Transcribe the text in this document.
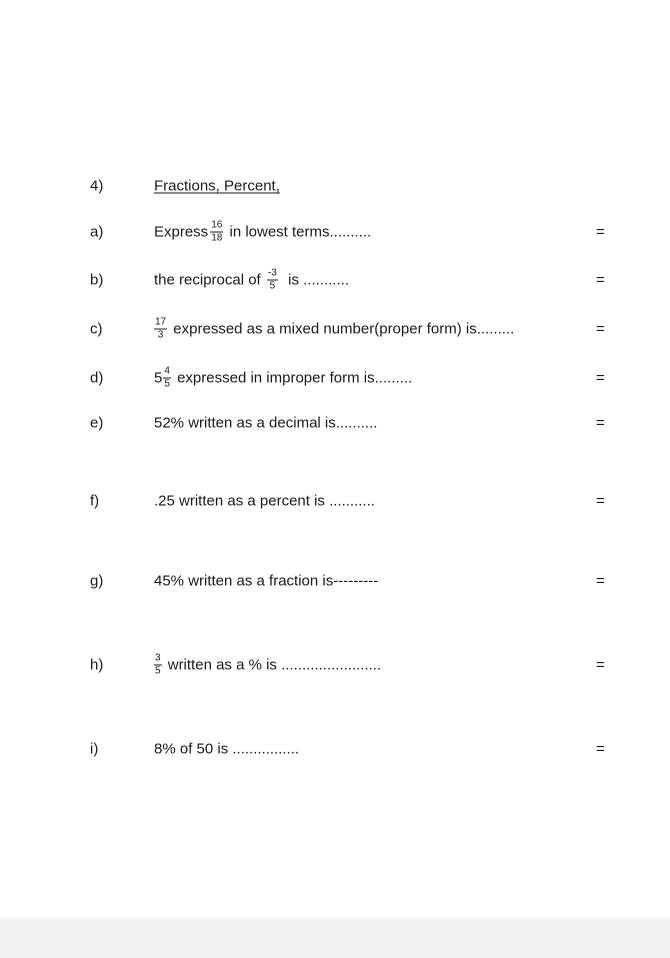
4)	Fractions, Percent,
a)	Express $\frac{16}{18}$ in lowest terms..........	=
b)	the reciprocal of $\frac{-3}{5}$ is ...........	=
c)	$\frac{17}{3}$ expressed as a mixed number(proper form) is.........	=
d)	$5 \frac{4}{5}$ expressed in improper form is.........	=
e)	52% written as a decimal is..........	=
f)	.25 written as a percent is ...........	=
g)	45% written as a fraction is---------	=
h)	$\frac{3}{5}$ written as a % is ........................	=
i)	8% of 50 is ................	=
